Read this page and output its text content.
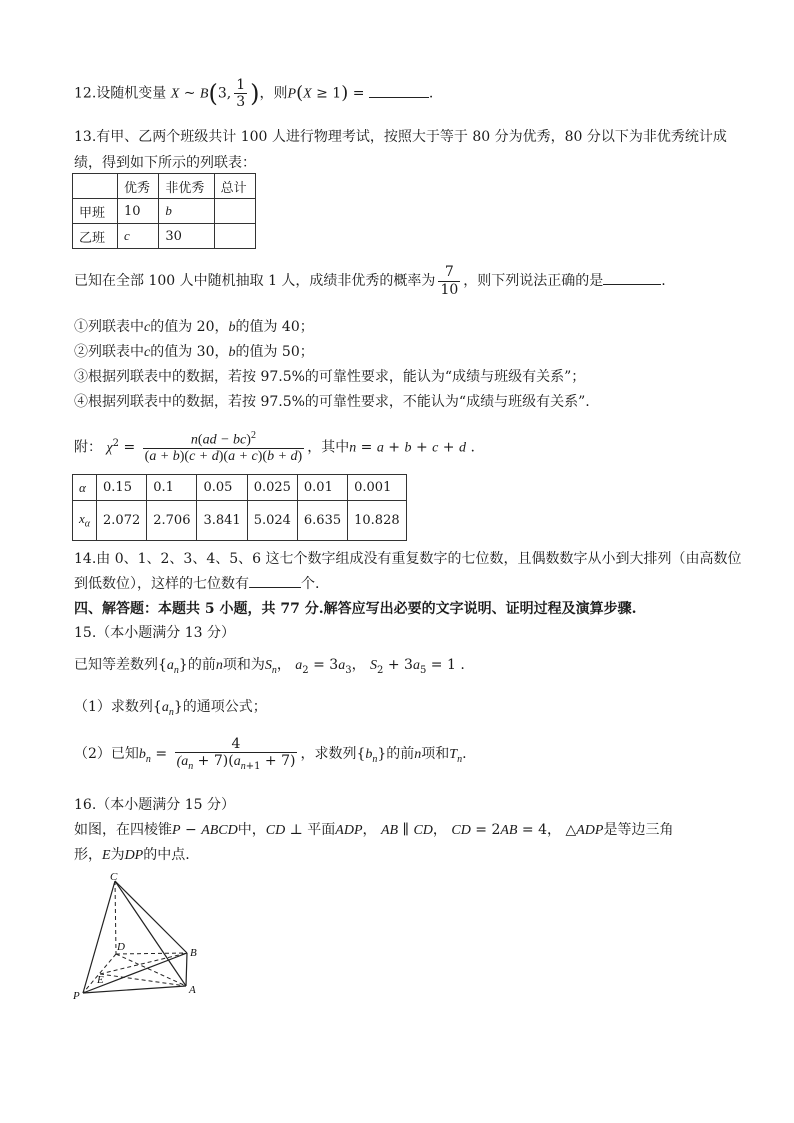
12.设随机变量 X ~ B(3, $\frac{1}{3}$ )，则P(X ≥ 1) =	.
13.有甲、乙两个班级共计 100 人进行物理考试，按照大于等于 80 分为优秀，80 分以下为非优秀统计成
绩，得到如下所示的列联表：
	优秀	非优秀	总计
甲班	10	b	
乙班	c	30	
已知在全部 100 人中随机抽取 1 人，成绩非优秀的概率为 $\frac{7}{10}$ ，则下列说法正确的是	.
①列联表中c的值为 20，b的值为 40；
②列联表中c的值为 30，b的值为 50；
③根据列联表中的数据，若按 97.5%的可靠性要求，能认为“成绩与班级有关系”；
④根据列联表中的数据，若按 97.5%的可靠性要求，不能认为“成绩与班级有关系”.
附： $\chi^2 = \frac{n(ad - bc)^2}{(a + b)(c + d)(a + c)(b + d)}$ ，其中n = a + b + c + d .
α	0.15	0.1	0.05	0.025	0.01	0.001
$x_\alpha$	2.072	2.706	3.841	5.024	6.635	10.828
14.由 0、1、2、3、4、5、6 这七个数字组成没有重复数字的七位数，且偶数数字从小到大排列（由高数位
到低数位），这样的七位数有	个.
四、解答题：本题共 5 小题，共 77 分.解答应写出必要的文字说明、证明过程及演算步骤.
15.（本小题满分 13 分）
已知等差数列$\{a_n\}$的前n项和为$S_n$， $a_2 = 3a_3$， $S_2 + 3a_5 = 1$ .
（1）求数列$\{a_n\}$的通项公式；
（2）已知$b_n = \frac{4}{(a_n + 7)(a_{n+1} + 7)}$ ，求数列$\{b_n\}$的前n项和$T_n$.
16.（本小题满分 15 分）
如图，在四棱锥P − ABCD中，CD ⊥ 平面ADP， AB ∥ CD， CD = 2AB = 4， △ADP是等边三角
形，E为DP的中点.
C
D	B
E
P	A
